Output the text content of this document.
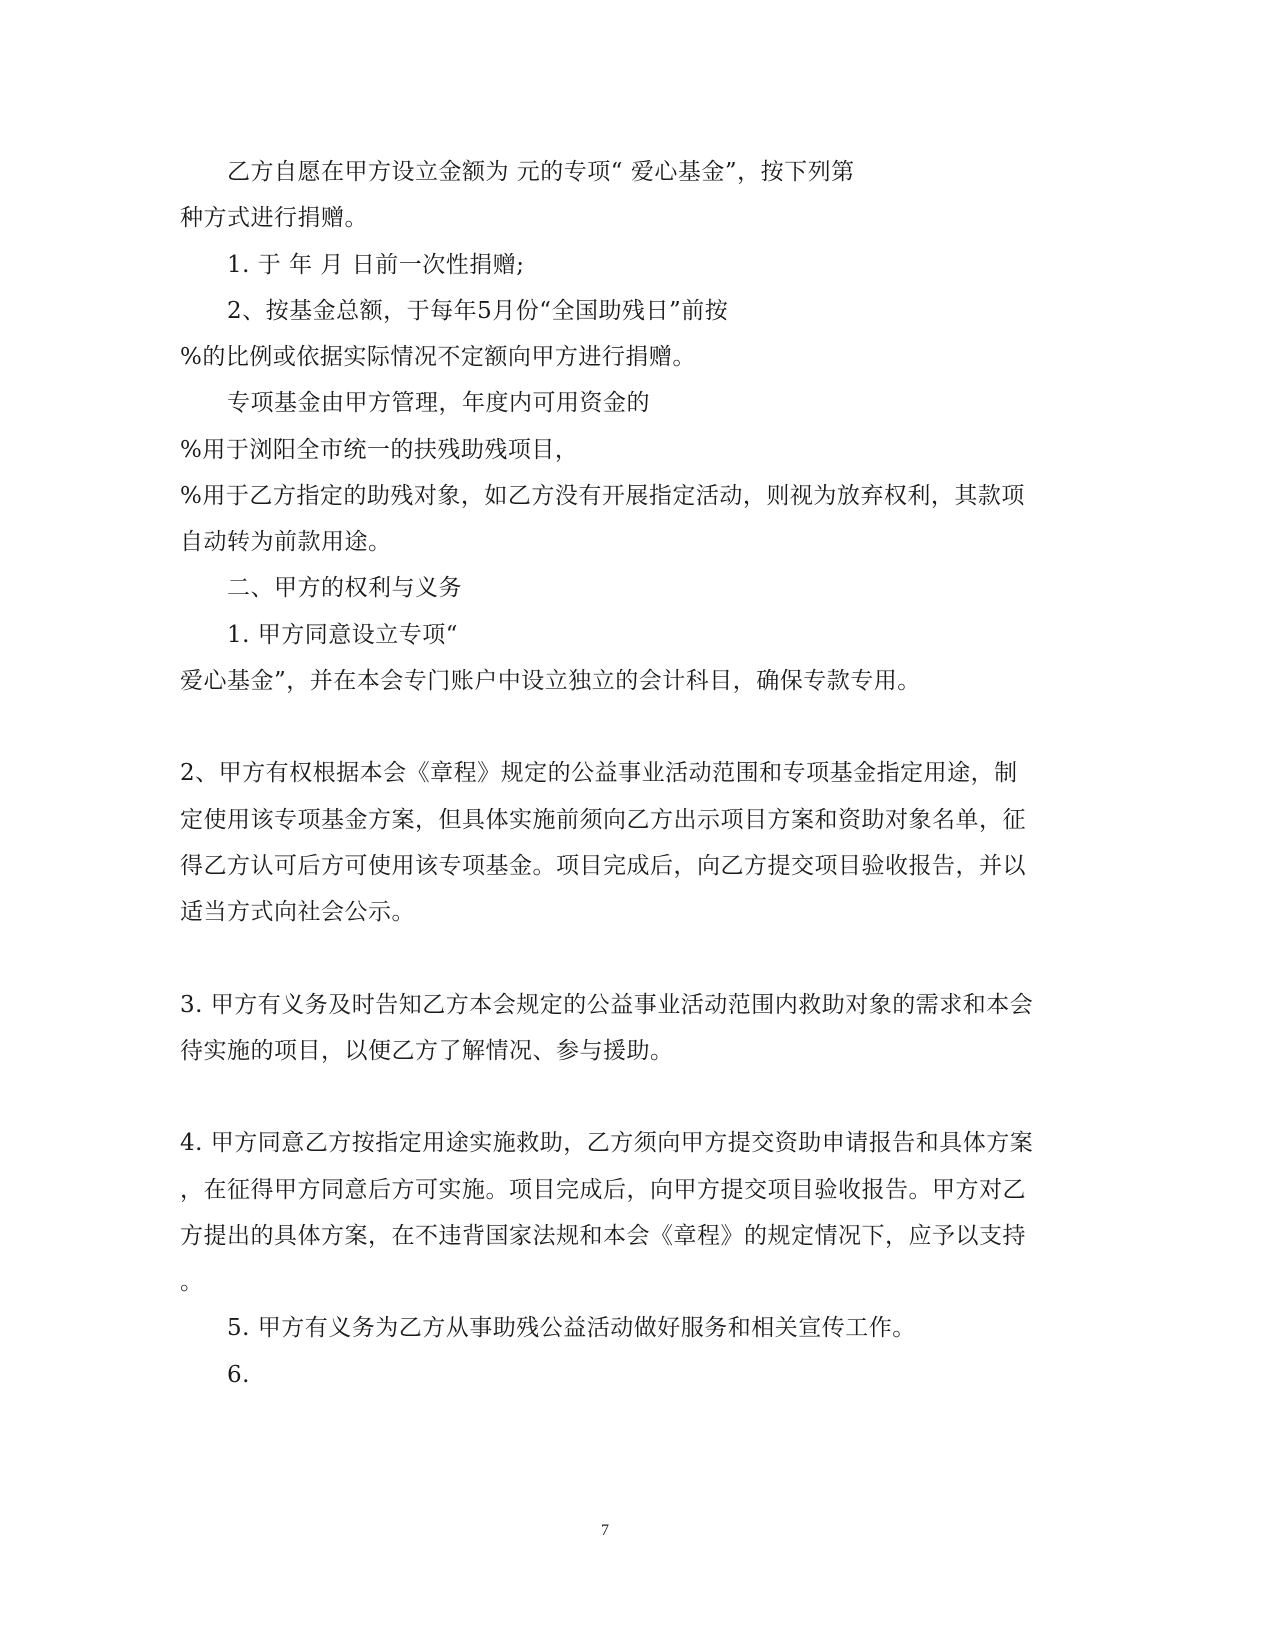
乙方自愿在甲方设立金额为 元的专项“ 爱心基金”，按下列第
种方式进行捐赠。
1. 于 年 月 日前一次性捐赠;
2、按基金总额，于每年5月份“全国助残日”前按
%的比例或依据实际情况不定额向甲方进行捐赠。
专项基金由甲方管理，年度内可用资金的
%用于浏阳全市统一的扶残助残项目，
%用于乙方指定的助残对象，如乙方没有开展指定活动，则视为放弃权利，其款项
自动转为前款用途。
二、甲方的权利与义务
1. 甲方同意设立专项“
爱心基金”，并在本会专门账户中设立独立的会计科目，确保专款专用。
2、甲方有权根据本会《章程》规定的公益事业活动范围和专项基金指定用途，制
定使用该专项基金方案，但具体实施前须向乙方出示项目方案和资助对象名单，征
得乙方认可后方可使用该专项基金。项目完成后，向乙方提交项目验收报告，并以
适当方式向社会公示。
3. 甲方有义务及时告知乙方本会规定的公益事业活动范围内救助对象的需求和本会
待实施的项目，以便乙方了解情况、参与援助。
4. 甲方同意乙方按指定用途实施救助，乙方须向甲方提交资助申请报告和具体方案
，在征得甲方同意后方可实施。项目完成后，向甲方提交项目验收报告。甲方对乙
方提出的具体方案，在不违背国家法规和本会《章程》的规定情况下，应予以支持
。
5. 甲方有义务为乙方从事助残公益活动做好服务和相关宣传工作。
6.
7
